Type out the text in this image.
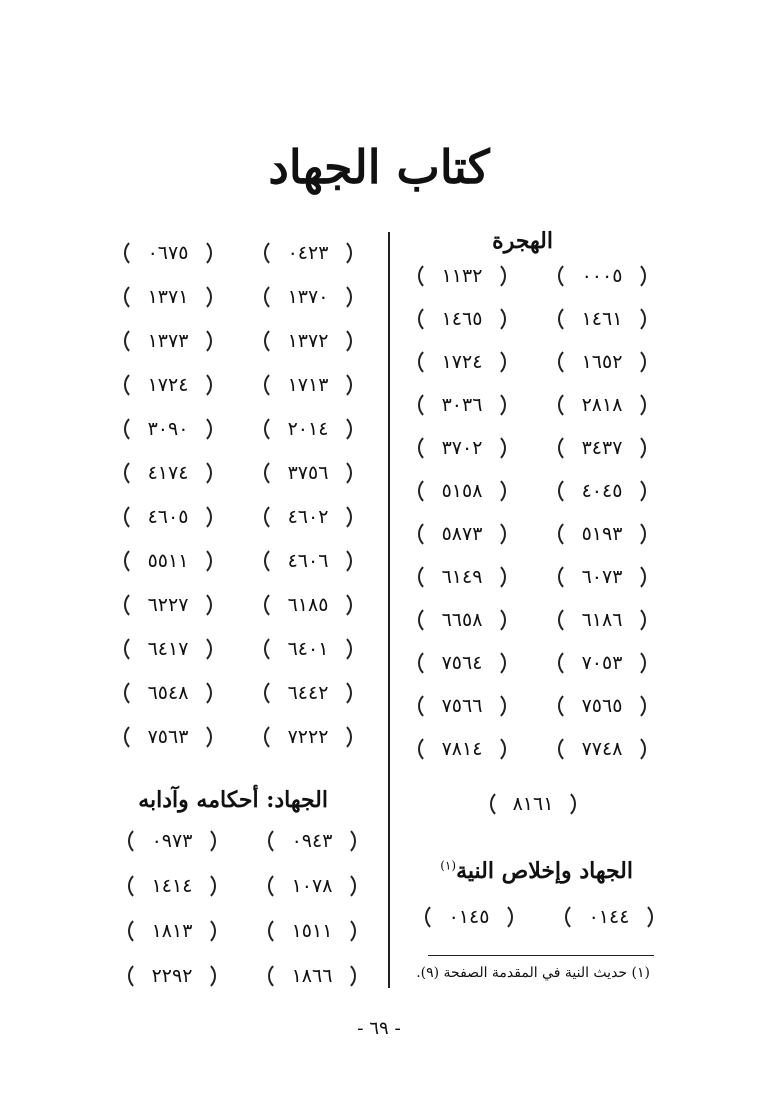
كتاب الجهاد
الهجرة
٠٠٠٥
١١٣٢
١٤٦١
١٤٦٥
١٦٥٢
١٧٢٤
٢٨١٨
٣٠٣٦
٣٤٣٧
٣٧٠٢
٤٠٤٥
٥١٥٨
٥١٩٣
٥٨٧٣
٦٠٧٣
٦١٤٩
٦١٨٦
٦٦٥٨
٧٠٥٣
٧٥٦٤
٧٥٦٥
٧٥٦٦
٧٧٤٨
٧٨١٤
٨١٦١
الجهاد وإخلاص النية$^{(١)}$
٠١٤٤
٠١٤٥
٠٤٢٣
٠٦٧٥
١٣٧٠
١٣٧١
١٣٧٢
١٣٧٣
١٧١٣
١٧٢٤
٢٠١٤
٣٠٩٠
٣٧٥٦
٤١٧٤
٤٦٠٢
٤٦٠٥
٤٦٠٦
٥٥١١
٦١٨٥
٦٢٢٧
٦٤٠١
٦٤١٧
٦٤٤٢
٦٥٤٨
٧٢٢٢
٧٥٦٣
الجهاد: أحكامه وآدابه
٠٩٤٣
٠٩٧٣
١٠٧٨
١٤١٤
١٥١١
١٨١٣
١٨٦٦
٢٢٩٢	(١) حديث النية في المقدمة الصفحة (٩).
- ٦٩ -
